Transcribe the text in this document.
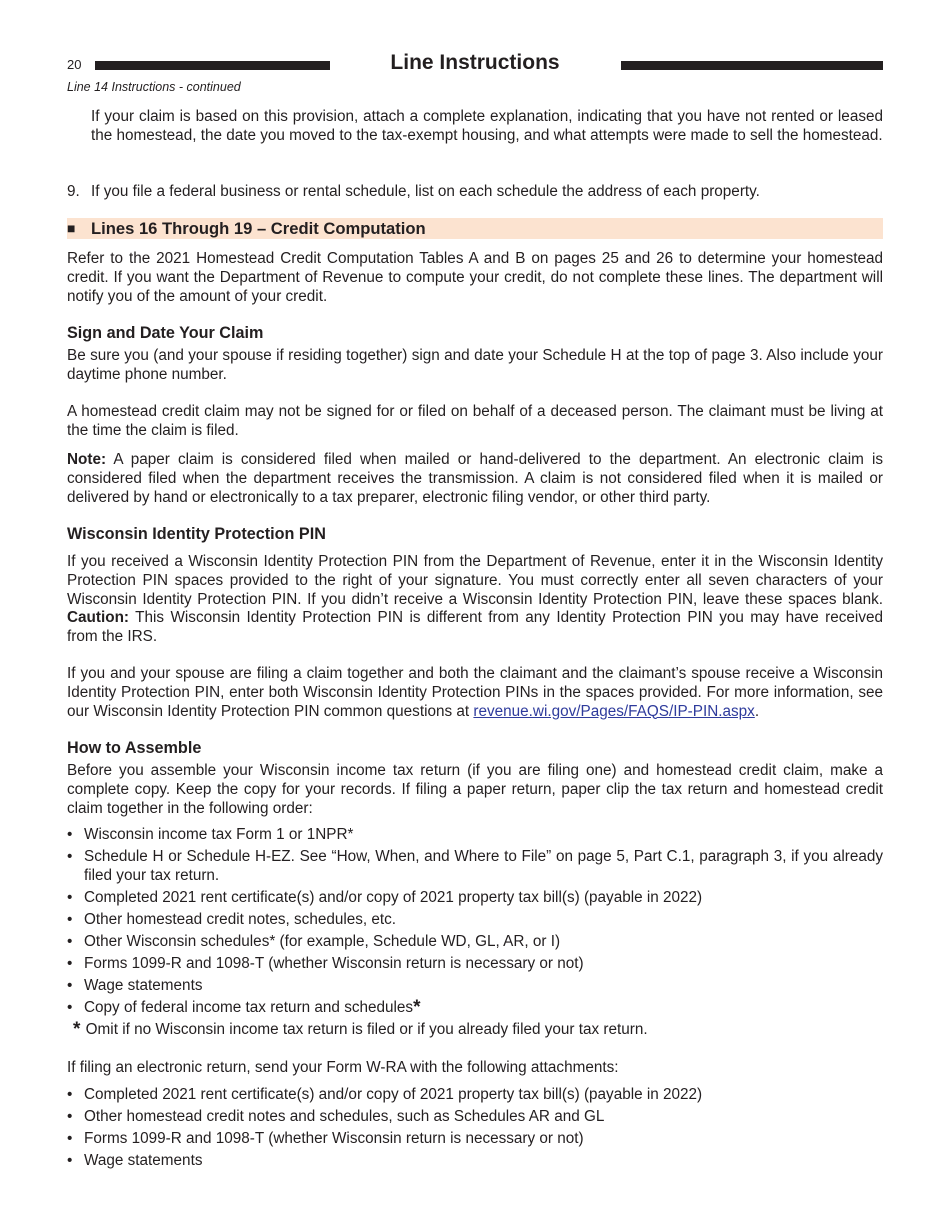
20	Line Instructions
Line 14 Instructions - continued

If your claim is based on this provision, attach a complete explanation, indicating that you have not rented or leased the homestead, the date you moved to the tax-exempt housing, and what attempts were made to sell the homestead.

9. If you file a federal business or rental schedule, list on each schedule the address of each property.
■ Lines 16 Through 19 – Credit Computation

Refer to the 2021 Homestead Credit Computation Tables A and B on pages 25 and 26 to determine your homestead credit. If you want the Department of Revenue to compute your credit, do not complete these lines. The department will notify you of the amount of your credit.

Sign and Date Your Claim

Be sure you (and your spouse if residing together) sign and date your Schedule H at the top of page 3. Also include your daytime phone number.

A homestead credit claim may not be signed for or filed on behalf of a deceased person. The claimant must be living at the time the claim is filed.

Note: A paper claim is considered filed when mailed or hand-delivered to the department. An electronic claim is considered filed when the department receives the transmission. A claim is not considered filed when it is mailed or delivered by hand or electronically to a tax preparer, electronic filing vendor, or other third party.

Wisconsin Identity Protection PIN

If you received a Wisconsin Identity Protection PIN from the Department of Revenue, enter it in the Wisconsin Identity Protection PIN spaces provided to the right of your signature. You must correctly enter all seven characters of your Wisconsin Identity Protection PIN. If you didn’t receive a Wisconsin Identity Protection PIN, leave these spaces blank. Caution: This Wisconsin Identity Protection PIN is different from any Identity Protection PIN you may have received from the IRS.

If you and your spouse are filing a claim together and both the claimant and the claimant’s spouse receive a Wisconsin Identity Protection PIN, enter both Wisconsin Identity Protection PINs in the spaces provided. For more information, see our Wisconsin Identity Protection PIN common questions at revenue.wi.gov/Pages/FAQS/IP-PIN.aspx.

How to Assemble

Before you assemble your Wisconsin income tax return (if you are filing one) and homestead credit claim, make a complete copy. Keep the copy for your records. If filing a paper return, paper clip the tax return and homestead credit claim together in the following order:

• Wisconsin income tax Form 1 or 1NPR*
• Schedule H or Schedule H-EZ. See “How, When, and Where to File” on page 5, Part C.1, paragraph 3, if you already filed your tax return.
• Completed 2021 rent certificate(s) and/or copy of 2021 property tax bill(s) (payable in 2022)
• Other homestead credit notes, schedules, etc.
• Other Wisconsin schedules* (for example, Schedule WD, GL, AR, or I)
• Forms 1099-R and 1098-T (whether Wisconsin return is necessary or not)
• Wage statements
• Copy of federal income tax return and schedules*
* Omit if no Wisconsin income tax return is filed or if you already filed your tax return.

If filing an electronic return, send your Form W-RA with the following attachments:

• Completed 2021 rent certificate(s) and/or copy of 2021 property tax bill(s) (payable in 2022)
• Other homestead credit notes and schedules, such as Schedules AR and GL
• Forms 1099-R and 1098-T (whether Wisconsin return is necessary or not)
• Wage statements
